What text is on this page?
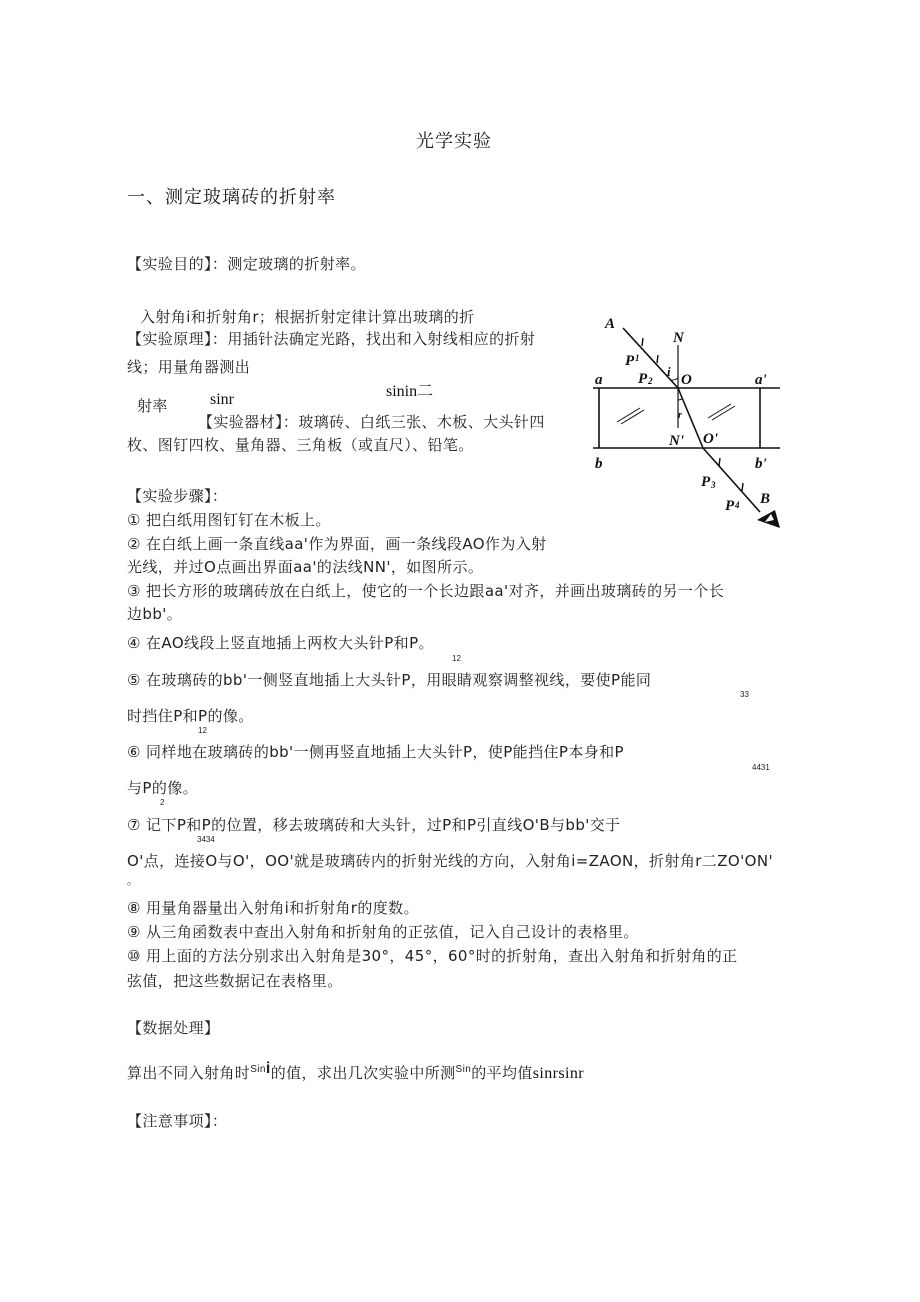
光学实验
一、测定玻璃砖的折射率
【实验目的】：测定玻璃的折射率。
入射角i和折射角r；根据折射定律计算出玻璃的折
【实验原理】：用插针法确定光路，找出和入射线相应的折射
线；用量角器测出
sinin二
sinr
射率
【实验器材】：玻璃砖、白纸三张、木板、大头针四
枚、图钉四枚、量角器、三角板（或直尺）、铅笔。
A
N
P 1
P 2
i
O
a	a'
b	b'
N' O'
r
P 3
P 4 B
【实验步骤】：
① 把白纸用图钉钉在木板上。
② 在白纸上画一条直线aa'作为界面，画一条线段AO作为入射
光线，并过O点画出界面aa'的法线NN'，如图所示。
③ 把长方形的玻璃砖放在白纸上，使它的一个长边跟aa'对齐，并画出玻璃砖的另一个长
边bb'。
④ 在AO线段上竖直地插上两枚大头针P和P。
12
⑤ 在玻璃砖的bb'一侧竖直地插上大头针P，用眼睛观察调整视线，要使P能同
33
时挡住P和P的像。
12
⑥ 同样地在玻璃砖的bb'一侧再竖直地插上大头针P，使P能挡住P本身和P
4431
与P的像。
2
⑦ 记下P和P的位置，移去玻璃砖和大头针，过P和P引直线O'B与bb'交于
3434
O'点，连接O与O'，OO'就是玻璃砖内的折射光线的方向，入射角i=ZAON，折射角r二ZO'ON'
。
⑧ 用量角器量出入射角i和折射角r的度数。
⑨ 从三角函数表中查出入射角和折射角的正弦值，记入自己设计的表格里。
⑩ 用上面的方法分别求出入射角是30°，45°，60°时的折射角，查出入射角和折射角的正
弦值，把这些数据记在表格里。
【数据处理】
算出不同入射角时$^{Sin}$i的值，求出几次实验中所测$^{Sin}$的平均值sinrsinr
【注意事项】：
